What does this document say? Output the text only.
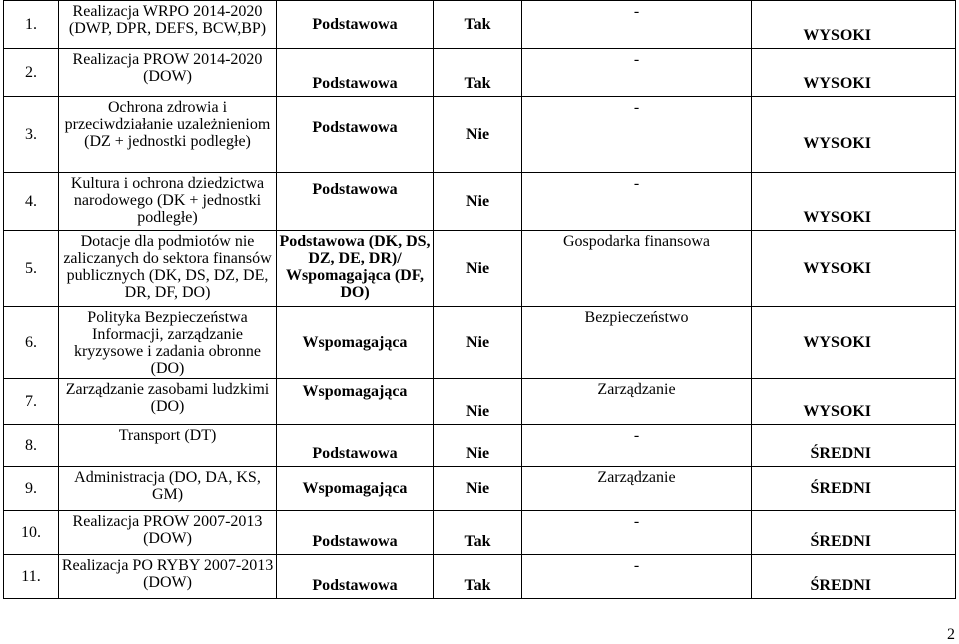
1.	Realizacja WRPO 2014-2020 (DWP, DPR, DEFS, BCW,BP)	Podstawowa	Tak	-	WYSOKI
2.	Realizacja PROW 2014-2020 (DOW)	Podstawowa	Tak	-	WYSOKI
3.	Ochrona zdrowia i przeciwdziałanie uzależnieniom (DZ + jednostki podległe)	Podstawowa	Nie	-	WYSOKI
4.	Kultura i ochrona dziedzictwa narodowego (DK + jednostki podległe)	Podstawowa	Nie	-	WYSOKI
5.	Dotacje dla podmiotów nie zaliczanych do sektora finansów publicznych (DK, DS, DZ, DE, DR, DF, DO)	Podstawowa (DK, DS, DZ, DE, DR)/ Wspomagająca (DF, DO)	Nie	Gospodarka finansowa	WYSOKI
6.	Polityka Bezpieczeństwa Informacji, zarządzanie kryzysowe i zadania obronne (DO)	Wspomagająca	Nie	Bezpieczeństwo	WYSOKI
7.	Zarządzanie zasobami ludzkimi (DO)	Wspomagająca	Nie	Zarządzanie	WYSOKI
8.	Transport (DT)	Podstawowa	Nie	-	ŚREDNI
9.	Administracja (DO, DA, KS, GM)	Wspomagająca	Nie	Zarządzanie	ŚREDNI
10.	Realizacja PROW 2007-2013 (DOW)	Podstawowa	Tak	-	ŚREDNI
11.	Realizacja PO RYBY 2007-2013 (DOW)	Podstawowa	Tak	-	ŚREDNI
2
